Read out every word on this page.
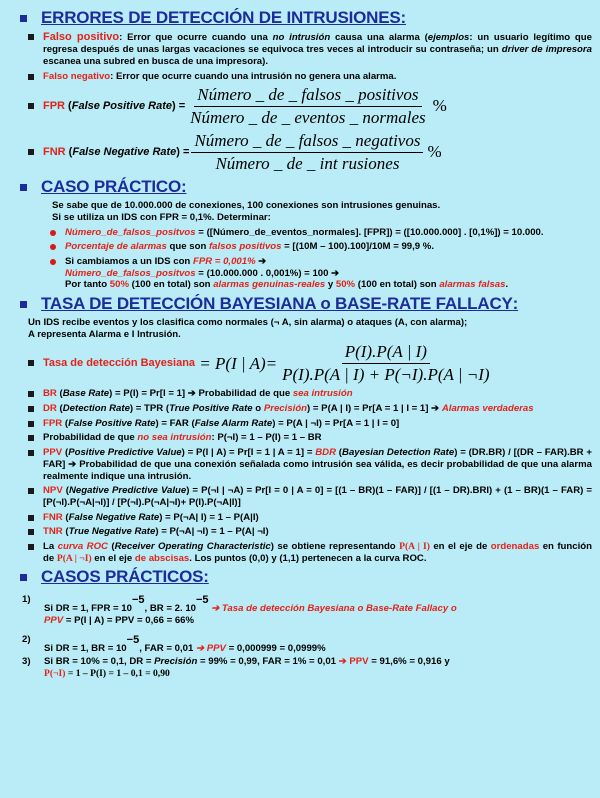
ERRORES DE DETECCIÓN DE INTRUSIONES :
Falso positivo: Error que ocurre cuando una no intrusión causa una alarma (ejemplos: un usuario legítimo que regresa después de unas largas vacaciones se equivoca tres veces al introducir su contraseña; un driver de impresora escanea una subred en busca de una impresora).
Falso negativo: Error que ocurre cuando una intrusión no genera una alarma.
FPR (False Positive Rate) = $\frac{\text{Número \_ de \_ falsos \_ positivos}}{\text{Número \_ de \_ eventos \_ normales}}$ %
FNR (False Negative Rate) = $\frac{\text{Número \_ de \_ falsos \_ negativos}}{\text{Número \_ de \_ int rusiones}}$ %
CASO PRÁCTICO :
Se sabe que de 10.000.000 de conexiones, 100 conexiones son intrusiones genuinas.
Si se utiliza un IDS con FPR = 0,1%. Determinar:
Número_de_falsos_positvos = ([Número_de_eventos_normales]. [FPR]) = ([10.000.000] . [0,1%]) = 10.000.
Porcentaje de alarmas que son falsos positivos = [(10M – 100).100]/10M = 99,9 %.
Si cambiamos a un IDS con FPR = 0,001% ➔
Número_de_falsos_positvos = (10.000.000 . 0,001%) = 100 ➔
Por tanto 50% (100 en total) son alarmas genuinas-reales y 50% (100 en total) son alarmas falsas.
TASA DE DETECCIÓN BAYESIANA o BASE-RATE FALLACY :
Un IDS recibe eventos y los clasifica como normales (¬ A, sin alarma) o ataques (A, con alarma);
A representa Alarma e I Intrusión.
Tasa de detección Bayesiana = P(I | $A) = \frac{P(I).P(A | I)}{P(I).P(A | I) + P(\neg I).P(A | \neg I)}$
BR (Base Rate) = P(I) = Pr[I = 1] ➔ Probabilidad de que sea intrusión
DR (Detection Rate) = TPR (True Positive Rate o Precisión) = P(A | I) = Pr[A = 1 | I = 1] ➔ Alarmas verdaderas
FPR (False Positive Rate) = FAR (False Alarm Rate) = P(A | ¬I) = Pr[A = 1 | I = 0]
Probabilidad de que no sea intrusión: P(¬I) = 1 – P(I) = 1 – BR
PPV (Positive Predictive Value) = P(I | A) = Pr[I = 1 | A = 1] = BDR (Bayesian Detection Rate) = (DR.BR) / [(DR – FAR).BR + FAR] ➔ Probabilidad de que una conexión señalada como intrusión sea válida, es decir probabilidad de que una alarma realmente indique una intrusión.
NPV (Negative Predictive Value) = P(¬I | ¬A) = Pr[I = 0 | A = 0] = [(1 – BR)(1 – FAR)] / [(1 – DR).BRI) + (1 – BR)(1 – FAR) = [P(¬I).P(¬A|¬I)] / [P(¬I).P(¬A|¬I)+ P(I).P(¬A|I)]
FNR (False Negative Rate) = P(¬A| I) = 1 – P(A|I)
TNR (True Negative Rate) = P(¬A| ¬I) = 1 – P(A| ¬I)
La curva ROC (Receiver Operating Characteristic) se obtiene representando P(A | I) en el eje de ordenadas en función de P(A | ¬I) en el eje de abscisas. Los puntos (0,0) y (1,1) pertenecen a la curva ROC.
CASOS PRÁCTICOS :
1)
Si DR = 1, FPR = $10^{-5}$, BR = 2. $10^{-5}$ ➔ Tasa de detección Bayesiana o Base-Rate Fallacy o
PPV = P(I | A) = PPV = 0,66 = 66%
2)
Si DR = 1, BR = $10^{-5}$, FAR = 0,01 ➔ PPV = 0,000999 = 0,0999%
3)	Si BR = 10% = 0,1, DR = Precisión = 99% = 0,99, FAR = 1% = 0,01 ➔ PPV = 91,6% = 0,916 y
P(¬I) = 1 – P(I) = 1 – 0,1 = 0,90
